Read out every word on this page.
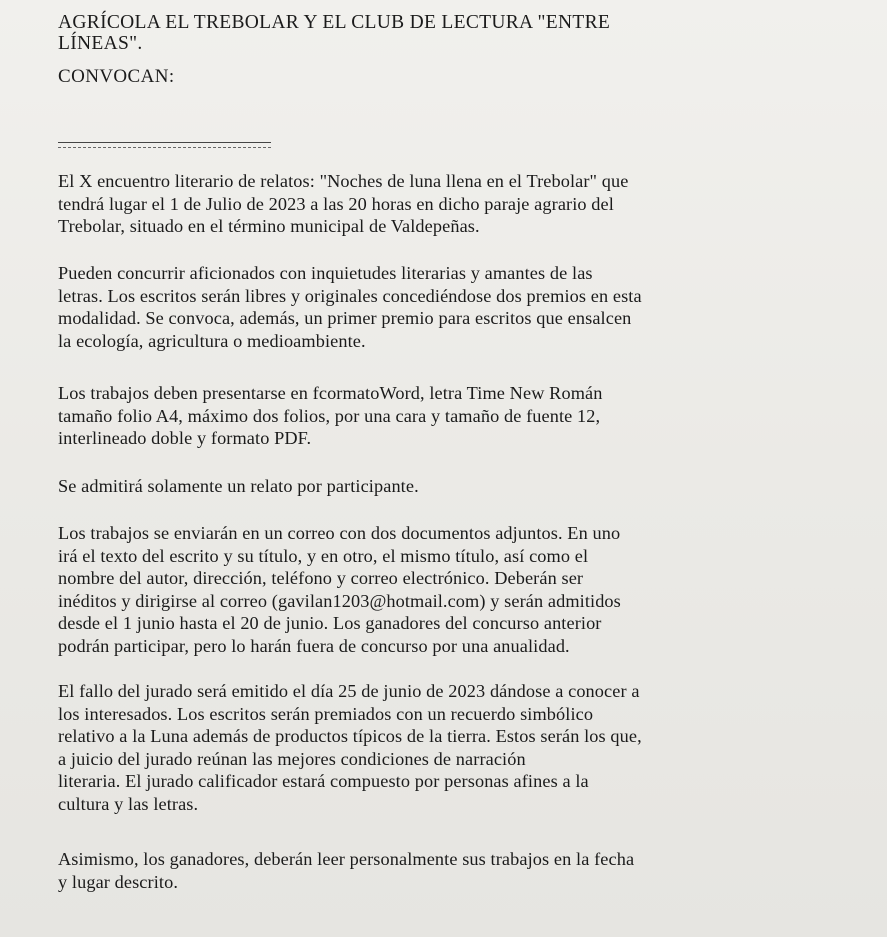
AGRÍCOLA EL TREBOLAR Y EL CLUB DE LECTURA "ENTRE
LÍNEAS".
CONVOCAN:
El X encuentro literario de relatos: "Noches de luna llena en el Trebolar" que
tendrá lugar el 1 de Julio de 2023 a las 20 horas en dicho paraje agrario del
Trebolar, situado en el término municipal de Valdepeñas.
Pueden concurrir aficionados con inquietudes literarias y amantes de las
letras. Los escritos serán libres y originales concediéndose dos premios en esta
modalidad. Se convoca, además, un primer premio para escritos que ensalcen
la ecología, agricultura o medioambiente.
Los trabajos deben presentarse en fcormatoWord, letra Time New Román
tamaño folio A4, máximo dos folios, por una cara y tamaño de fuente 12,
interlineado doble y formato PDF.
Se admitirá solamente un relato por participante.
Los trabajos se enviarán en un correo con dos documentos adjuntos. En uno
irá el texto del escrito y su título, y en otro, el mismo título, así como el
nombre del autor, dirección, teléfono y correo electrónico. Deberán ser
inéditos y dirigirse al correo (gavilan1203@hotmail.com) y serán admitidos
desde el 1 junio hasta el 20 de junio. Los ganadores del concurso anterior
podrán participar, pero lo harán fuera de concurso por una anualidad.
El fallo del jurado será emitido el día 25 de junio de 2023 dándose a conocer a
los interesados. Los escritos serán premiados con un recuerdo simbólico
relativo a la Luna además de productos típicos de la tierra. Estos serán los que,
a juicio del jurado reúnan las mejores condiciones de narración
literaria. El jurado calificador estará compuesto por personas afines a la
cultura y las letras.
Asimismo, los ganadores, deberán leer personalmente sus trabajos en la fecha
y lugar descrito.
